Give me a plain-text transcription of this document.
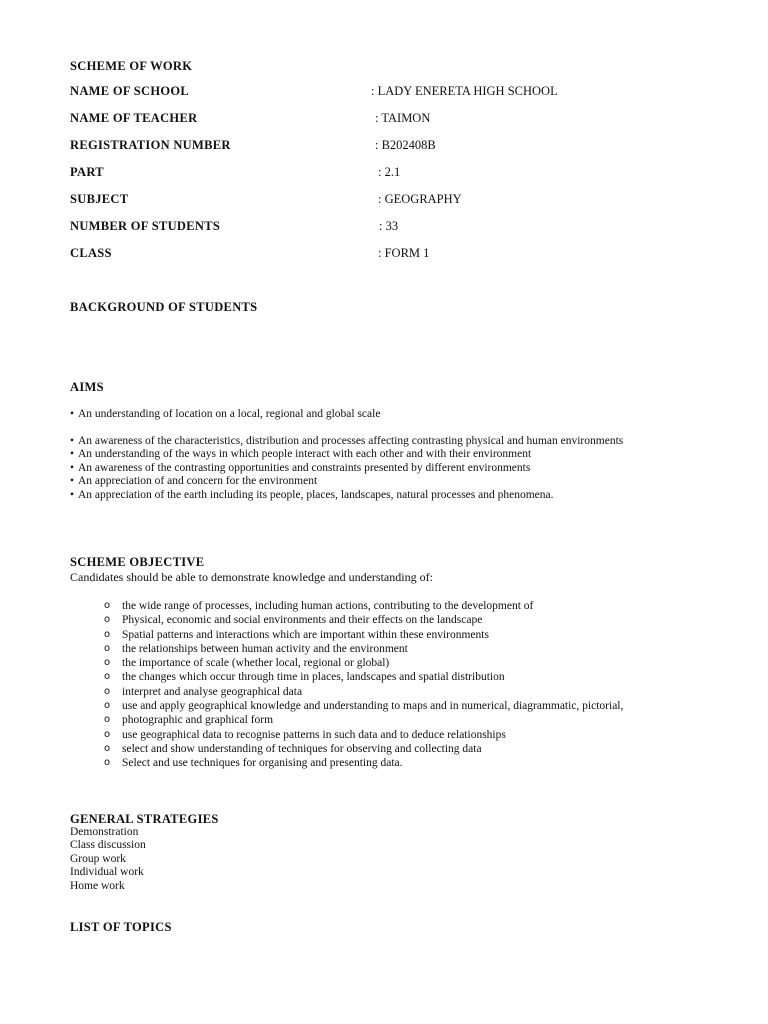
SCHEME OF WORK
NAME OF SCHOOL	: LADY ENERETA HIGH SCHOOL
NAME OF TEACHER	: TAIMON
REGISTRATION NUMBER	: B202408B
PART	: 2.1
SUBJECT	: GEOGRAPHY
NUMBER OF STUDENTS	: 33
CLASS	: FORM 1
BACKGROUND OF STUDENTS
AIMS
• An understanding of location on a local, regional and global scale
• An awareness of the characteristics, distribution and processes affecting contrasting physical and human environments
• An understanding of the ways in which people interact with each other and with their environment
• An awareness of the contrasting opportunities and constraints presented by different environments
• An appreciation of and concern for the environment
• An appreciation of the earth including its people, places, landscapes, natural processes and phenomena.
SCHEME OBJECTIVE
Candidates should be able to demonstrate knowledge and understanding of:
o the wide range of processes, including human actions, contributing to the development of
o Physical, economic and social environments and their effects on the landscape
o Spatial patterns and interactions which are important within these environments
o the relationships between human activity and the environment
o the importance of scale (whether local, regional or global)
o the changes which occur through time in places, landscapes and spatial distribution
o interpret and analyse geographical data
o use and apply geographical knowledge and understanding to maps and in numerical, diagrammatic, pictorial,
o photographic and graphical form
o use geographical data to recognise patterns in such data and to deduce relationships
o select and show understanding of techniques for observing and collecting data
o Select and use techniques for organising and presenting data.
GENERAL STRATEGIES
Demonstration
Class discussion
Group work
Individual work
Home work
LIST OF TOPICS
